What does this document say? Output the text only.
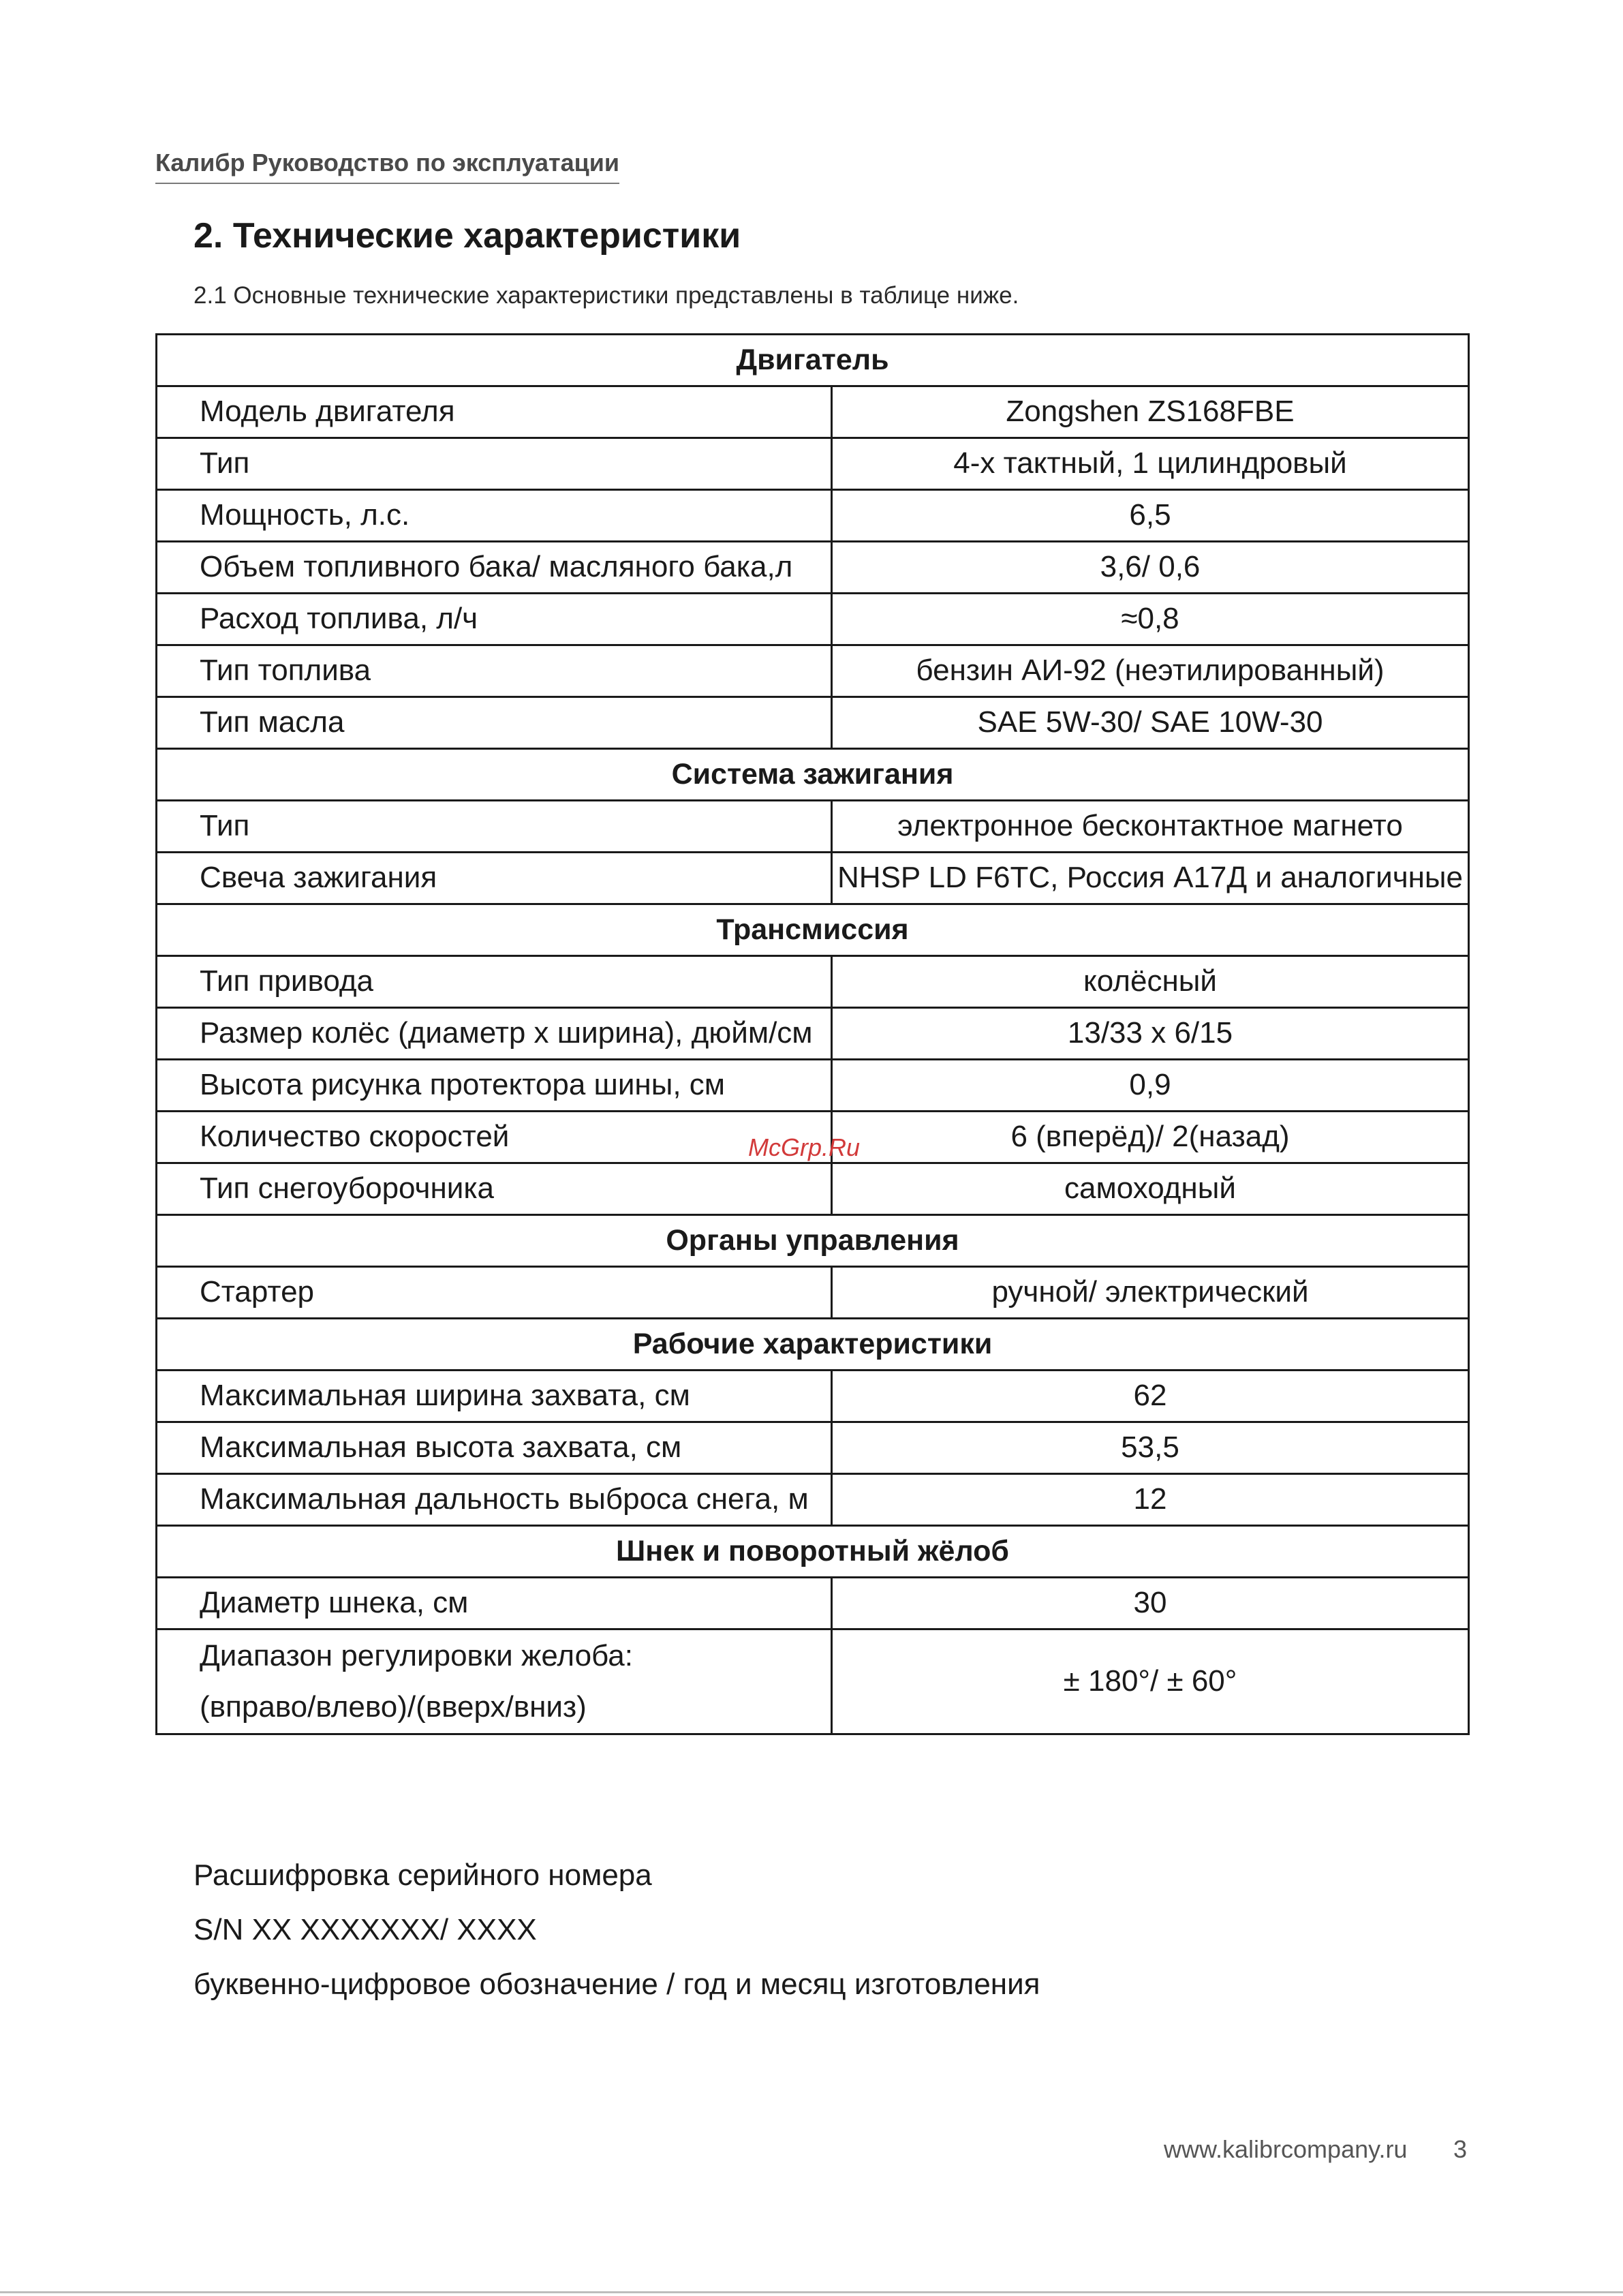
Калибр Руководство по эксплуатации
2. Технические характеристики
2.1 Основные технические характеристики представлены в таблице ниже.
Двигатель	
Модель двигателя	Zongshen ZS168FBE
Тип	4-х тактный, 1 цилиндровый
Мощность, л.с.	6,5
Объем топливного бака/ масляного бака,л	3,6/ 0,6
Расход топлива, л/ч	≈0,8
Тип топлива	бензин АИ-92 (неэтилированный)
Тип масла	SAE 5W-30/ SAE 10W-30
Система зажигания	
Тип	электронное бесконтактное магнето
Свеча зажигания	NHSP LD F6TC, Россия А17Д и аналогичные
Трансмиссия	
Тип привода	колёсный
Размер колёс (диаметр х ширина), дюйм/см	13/33 х 6/15
Высота рисунка протектора шины, см	0,9
Количество скоростей	6 (вперёд)/ 2(назад)
Тип снегоуборочника	самоходный
Органы управления	
Стартер	ручной/ электрический
Рабочие характеристики	
Максимальная ширина захвата, см	62
Максимальная высота захвата, см	53,5
Максимальная дальность выброса снега, м	12
Шнек и поворотный жёлоб	
Диаметр шнека, см	30

Диапазон регулировки желоба:
(вправо/влево)/(вверх/вниз)	± 180°/ ± 60°
McGrp.Ru
Расшифровка серийного номера
S/N XX XXXXXXX/ XXXX
буквенно-цифровое обозначение / год и месяц изготовления
www.kalibrcompany.ru 3
